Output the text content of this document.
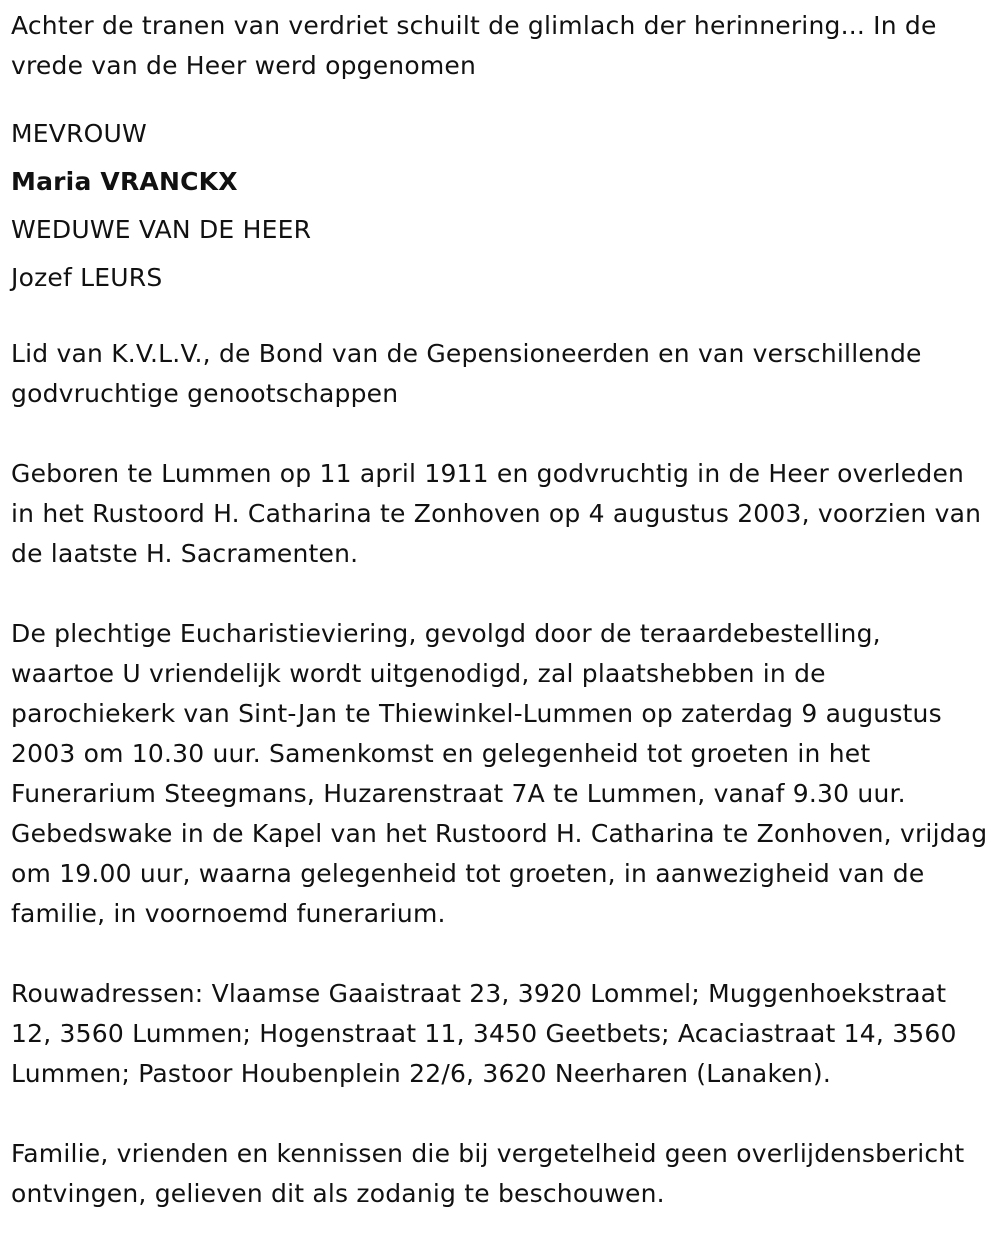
Achter de tranen van verdriet schuilt de glimlach der herinnering... In de vrede van de Heer werd opgenomen

MEVROUW
Maria VRANCKX
WEDUWE VAN DE HEER
Jozef LEURS

Lid van K.V.L.V., de Bond van de Gepensioneerden en van verschillende godvruchtige genootschappen

Geboren te Lummen op 11 april 1911 en godvruchtig in de Heer overleden in het Rustoord H. Catharina te Zonhoven op 4 augustus 2003, voorzien van de laatste H. Sacramenten.

De plechtige Eucharistieviering, gevolgd door de teraardebestelling, waartoe U vriendelijk wordt uitgenodigd, zal plaatshebben in de parochiekerk van Sint-Jan te Thiewinkel-Lummen op zaterdag 9 augustus 2003 om 10.30 uur. Samenkomst en gelegenheid tot groeten in het Funerarium Steegmans, Huzarenstraat 7A te Lummen, vanaf 9.30 uur. Gebedswake in de Kapel van het Rustoord H. Catharina te Zonhoven, vrijdag om 19.00 uur, waarna gelegenheid tot groeten, in aanwezigheid van de familie, in voornoemd funerarium.

Rouwadressen: Vlaamse Gaaistraat 23, 3920 Lommel; Muggenhoekstraat 12, 3560 Lummen; Hogenstraat 11, 3450 Geetbets; Acaciastraat 14, 3560 Lummen; Pastoor Houbenplein 22/6, 3620 Neerharen (Lanaken).

Familie, vrienden en kennissen die bij vergetelheid geen overlijdensbericht ontvingen, gelieven dit als zodanig te beschouwen.
